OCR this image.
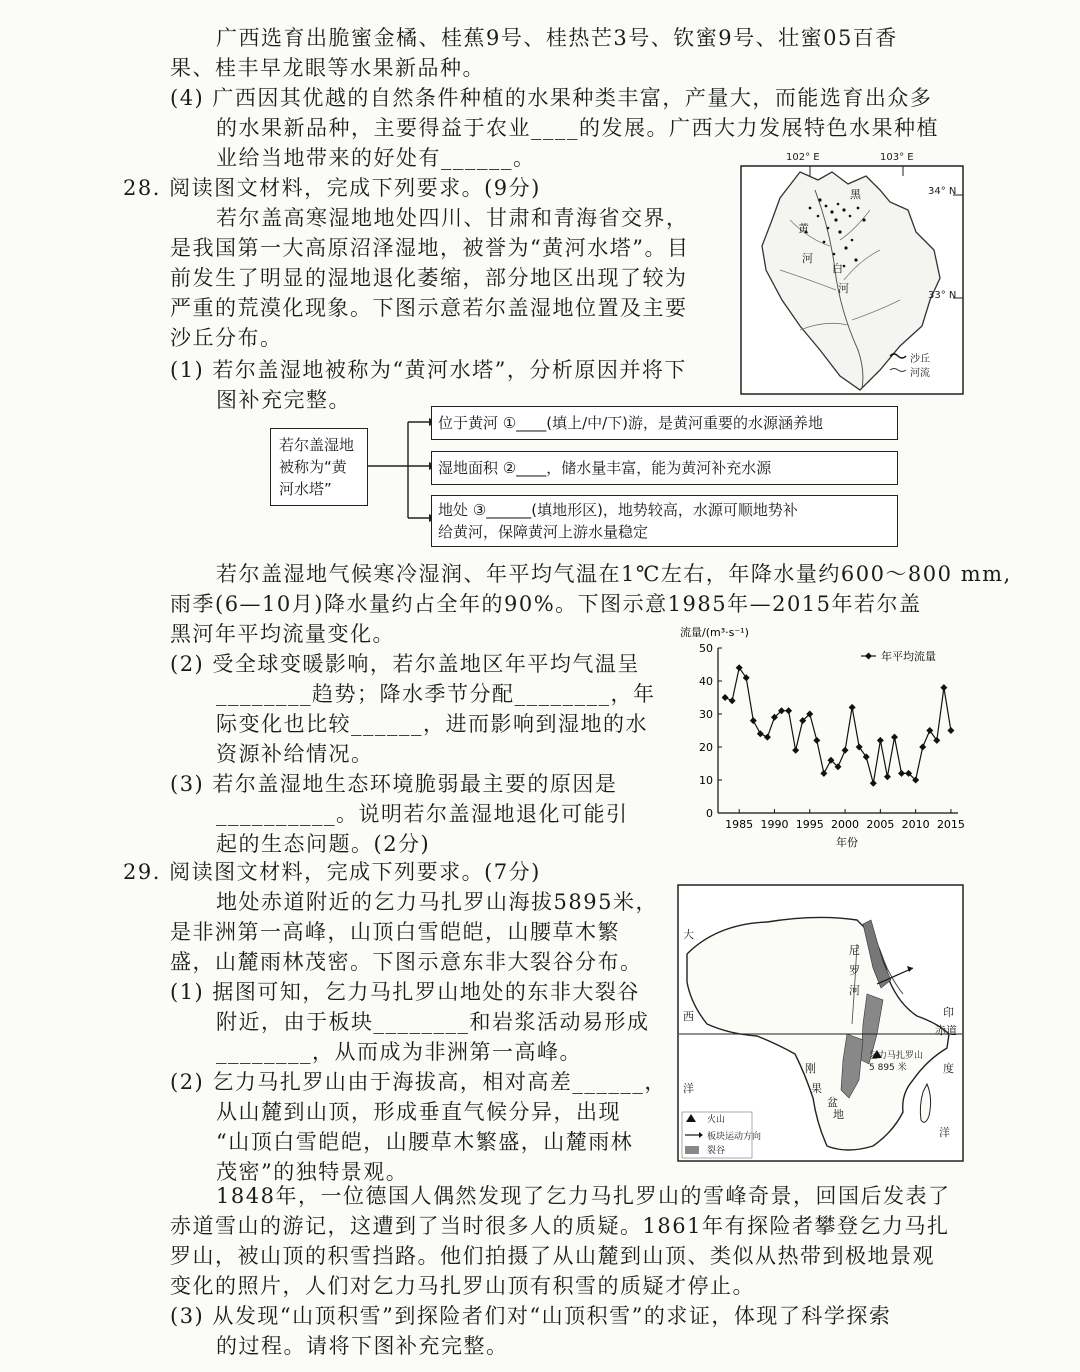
广西选育出脆蜜金橘、桂蕉9号、桂热芒3号、钦蜜9号、壮蜜05百香
果、桂丰早龙眼等水果新品种。
(4) 广西因其优越的自然条件种植的水果种类丰富，产量大，而能选育出众多
的水果新品种，主要得益于农业____的发展。广西大力发展特色水果种植
业给当地带来的好处有______。
28. 阅读图文材料，完成下列要求。(9分)
若尔盖高寒湿地地处四川、甘肃和青海省交界，
是我国第一大高原沼泽湿地，被誉为“黄河水塔”。目
前发生了明显的湿地退化萎缩，部分地区出现了较为
严重的荒漠化现象。下图示意若尔盖湿地位置及主要
沙丘分布。
(1) 若尔盖湿地被称为“黄河水塔”，分析原因并将下
图补充完整。
102° E	103° E
34° N
33° N
黄
河
黑
白
河
沙丘
河流
若尔盖湿地
被称为“黄
河水塔”
位于黄河 ①____(填上/中/下)游，是黄河重要的水源涵养地
湿地面积 ②____，储水量丰富，能为黄河补充水源
地处 ③______(填地形区)，地势较高，水源可顺地势补
给黄河，保障黄河上游水量稳定
若尔盖湿地气候寒冷湿润、年平均气温在1℃左右，年降水量约600～800 mm,
雨季(6—10月)降水量约占全年的90%。下图示意1985年—2015年若尔盖
黑河年平均流量变化。
(2) 受全球变暖影响，若尔盖地区年平均气温呈
________趋势；降水季节分配________，年
际变化也比较______，进而影响到湿地的水
资源补给情况。
(3) 若尔盖湿地生态环境脆弱最主要的原因是
__________。说明若尔盖湿地退化可能引
起的生态问题。(2分)
流量/(m³·s⁻¹)
年份
年平均流量
0
10
20
30
40
50
1985 1990 1995 2000 2005 2010 2015
29. 阅读图文材料，完成下列要求。(7分)
地处赤道附近的乞力马扎罗山海拔5895米，
是非洲第一高峰，山顶白雪皑皑，山腰草木繁
盛，山麓雨林茂密。下图示意东非大裂谷分布。
(1) 据图可知，乞力马扎罗山地处的东非大裂谷
附近，由于板块________和岩浆活动易形成
________，从而成为非洲第一高峰。
(2) 乞力马扎罗山由于海拔高，相对高差______，
从山麓到山顶，形成垂直气候分异，出现
“山顶白雪皑皑，山腰草木繁盛，山麓雨林
茂密”的独特景观。
大
西
洋
尼
罗
河
印
度
洋
刚
果
盆
地
赤道
乞力马扎罗山
5 895 米
火山
板块运动方向
裂谷
1848年，一位德国人偶然发现了乞力马扎罗山的雪峰奇景，回国后发表了
赤道雪山的游记，这遭到了当时很多人的质疑。1861年有探险者攀登乞力马扎
罗山，被山顶的积雪挡路。他们拍摄了从山麓到山顶、类似从热带到极地景观
变化的照片，人们对乞力马扎罗山顶有积雪的质疑才停止。
(3) 从发现“山顶积雪”到探险者们对“山顶积雪”的求证，体现了科学探索
的过程。请将下图补充完整。
